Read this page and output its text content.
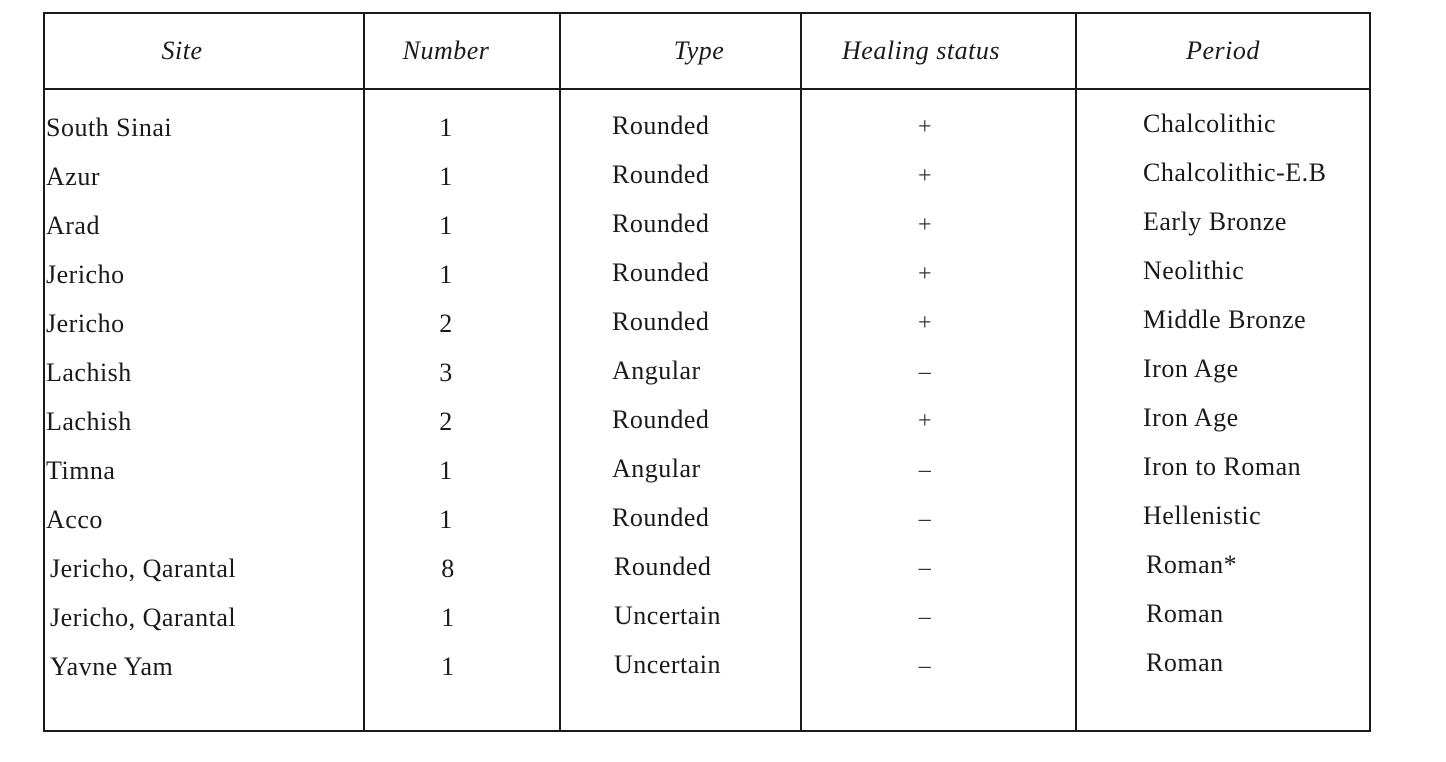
Site	Number	Type	Healing status	Period
South Sinai	1	Rounded	+	Chalcolithic
Azur	1	Rounded	+	Chalcolithic-E.B
Arad	1	Rounded	+	Early Bronze
Jericho	1	Rounded	+	Neolithic
Jericho	2	Rounded	+	Middle Bronze
Lachish	3	Angular	–	Iron Age
Lachish	2	Rounded	+	Iron Age
Timna	1	Angular	–	Iron to Roman
Acco	1	Rounded	–	Hellenistic
Jericho, Qarantal	8	Rounded	–	Roman*
Jericho, Qarantal	1	Uncertain	–	Roman
Yavne Yam	1	Uncertain	–	Roman
